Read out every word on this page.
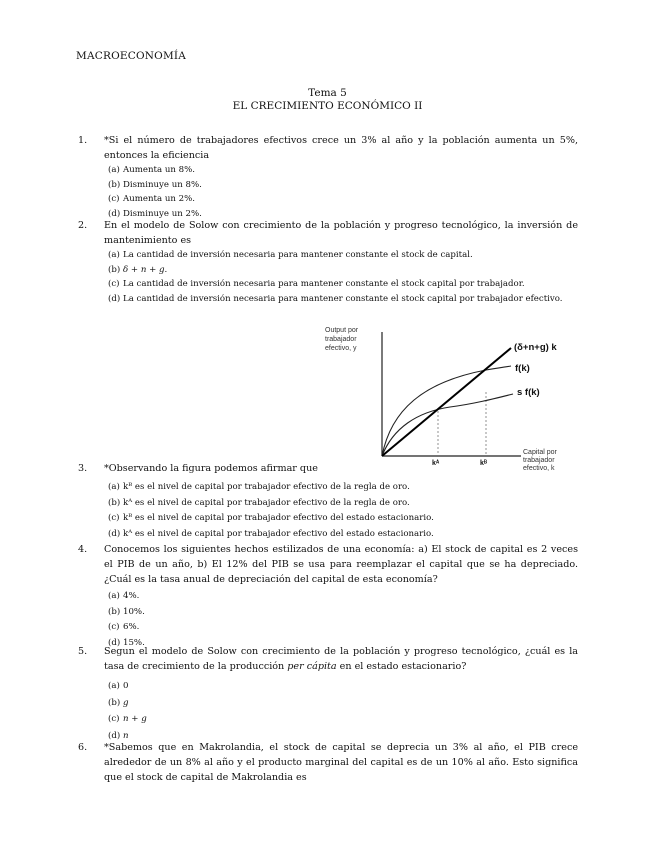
MACROECONOMÍA
Tema 5
EL CRECIMIENTO ECONÓMICO II
1. *Si el número de trabajadores efectivos crece un 3% al año y la población aumenta un 5%, entonces la eficiencia
(a) Aumenta un 8%.
(b) Disminuye un 8%.
(c) Aumenta un 2%.
(d) Disminuye un 2%.
2. En el modelo de Solow con crecimiento de la población y progreso tecnológico, la inversión de mantenimiento es
(a) La cantidad de inversión necesaria para mantener constante el stock de capital.
(b) δ + n + g.
(c) La cantidad de inversión necesaria para mantener constante el stock capital por trabajador.
(d) La cantidad de inversión necesaria para mantener constante el stock capital por trabajador efectivo.
Output por
trabajador
efectivo, y	(δ+n+g) k
f(k)
s f(k)
Capital por
trabajador
efectivo, k
kᴬ	kᴮ
3. *Observando la figura podemos afirmar que
(a) kᴮ es el nivel de capital por trabajador efectivo de la regla de oro.
(b) kᴬ es el nivel de capital por trabajador efectivo de la regla de oro.
(c) kᴮ es el nivel de capital por trabajador efectivo del estado estacionario.
(d) kᴬ es el nivel de capital por trabajador efectivo del estado estacionario.
4. Conocemos los siguientes hechos estilizados de una economía: a) El stock de capital es 2 veces el PIB de un año, b) El 12% del PIB se usa para reemplazar el capital que se ha depreciado. ¿Cuál es la tasa anual de depreciación del capital de esta economía?
(a) 4%.
(b) 10%.
(c) 6%.
(d) 15%.
5. Segun el modelo de Solow con crecimiento de la población y progreso tecnológico, ¿cuál es la tasa de crecimiento de la producción per cápita en el estado estacionario?
(a) 0
(b) g
(c) n + g
(d) n
6. *Sabemos que en Makrolandia, el stock de capital se deprecia un 3% al año, el PIB crece alrededor de un 8% al año y el producto marginal del capital es de un 10% al año. Esto significa que el stock de capital de Makrolandia es
